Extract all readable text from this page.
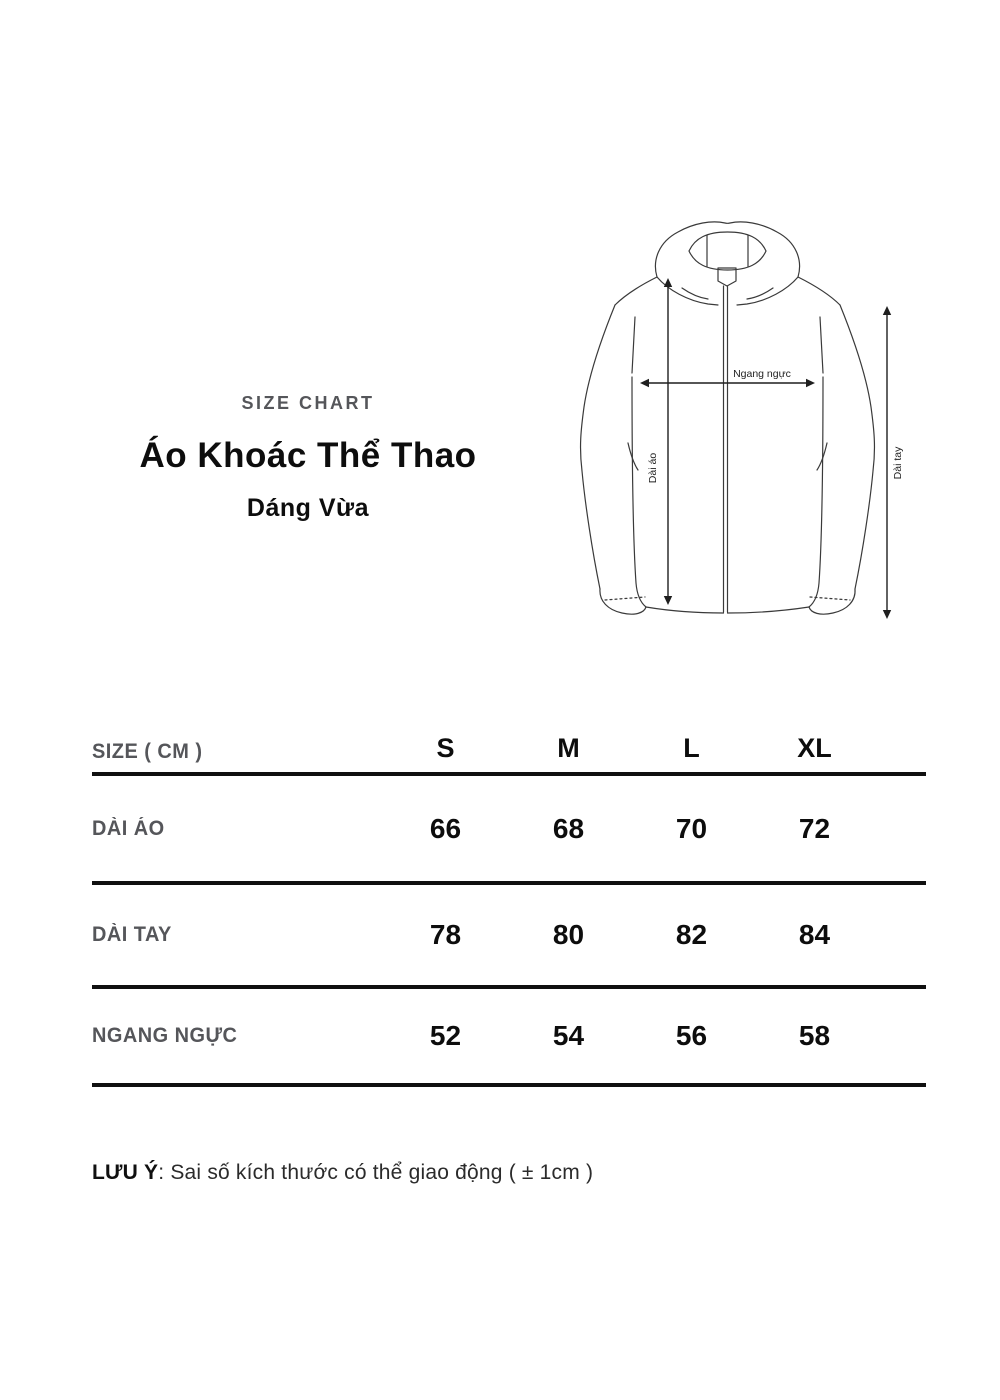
SIZE CHART
Áo Khoác Thể Thao
Dáng Vừa
Ngang ngực
Dài áo	Dài tay
SIZE ( CM )	S	M	L	XL
DÀI ÁO	66	68	70	72
DÀI TAY	78	80	82	84
NGANG NGỰC	52	54	56	58

LƯU Ý: Sai số kích thước có thể giao động ( ± 1cm )
